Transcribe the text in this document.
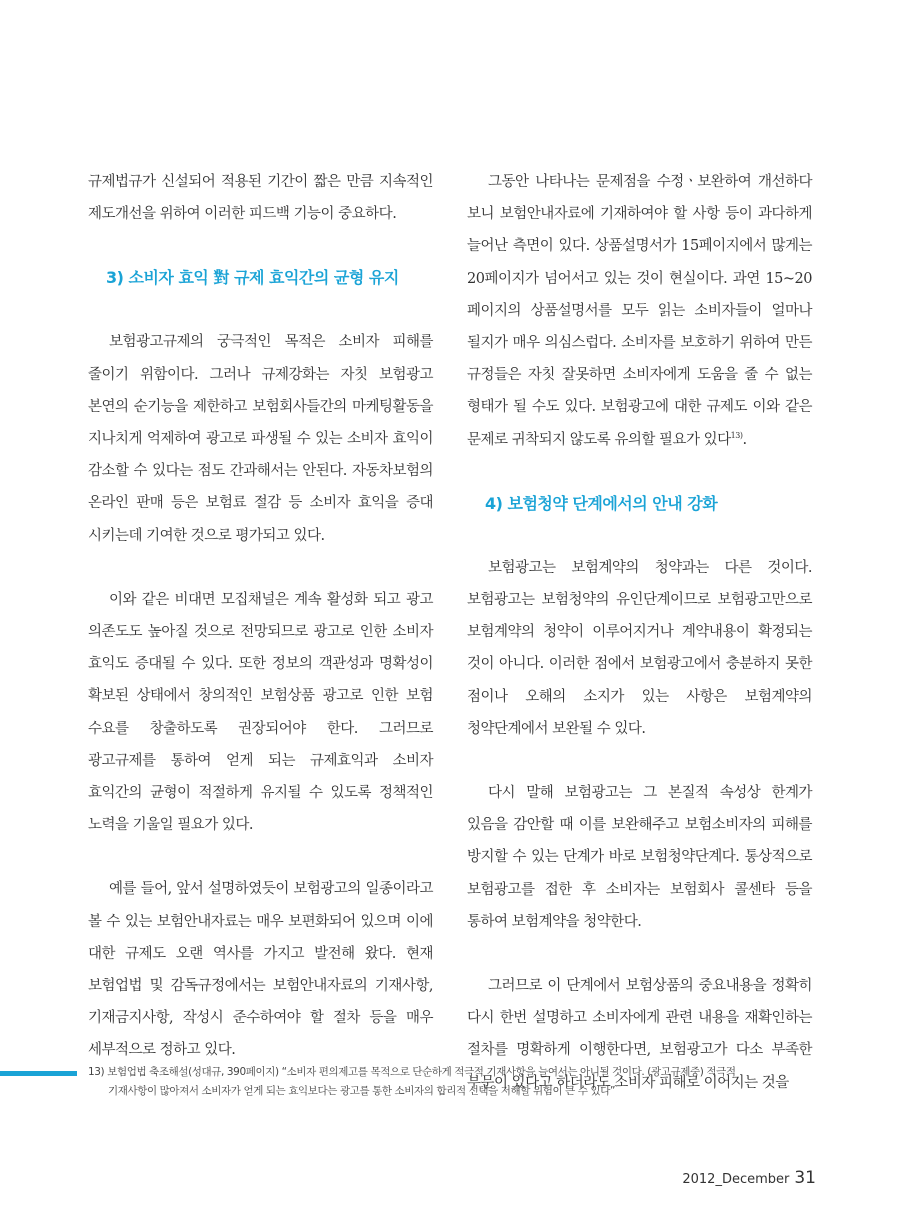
규제법규가 신설되어 적용된 기간이 짧은 만큼 지속적인 제도개선을 위하여 이러한 피드백 기능이 중요하다.

3) 소비자 효익 對 규제 효익간의 균형 유지

보험광고규제의 궁극적인 목적은 소비자 피해를 줄이기 위함이다. 그러나 규제강화는 자칫 보험광고 본연의 순기능을 제한하고 보험회사들간의 마케팅활동을 지나치게 억제하여 광고로 파생될 수 있는 소비자 효익이 감소할 수 있다는 점도 간과해서는 안된다. 자동차보험의 온라인 판매 등은 보험료 절감 등 소비자 효익을 증대 시키는데 기여한 것으로 평가되고 있다.

이와 같은 비대면 모집채널은 계속 활성화 되고 광고 의존도도 높아질 것으로 전망되므로 광고로 인한 소비자 효익도 증대될 수 있다. 또한 정보의 객관성과 명확성이 확보된 상태에서 창의적인 보험상품 광고로 인한 보험 수요를 창출하도록 권장되어야 한다. 그러므로 광고규제를 통하여 얻게 되는 규제효익과 소비자 효익간의 균형이 적절하게 유지될 수 있도록 정책적인 노력을 기울일 필요가 있다.

예를 들어, 앞서 설명하였듯이 보험광고의 일종이라고 볼 수 있는 보험안내자료는 매우 보편화되어 있으며 이에 대한 규제도 오랜 역사를 가지고 발전해 왔다. 현재 보험업법 및 감독규정에서는 보험안내자료의 기재사항, 기재금지사항, 작성시 준수하여야 할 절차 등을 매우 세부적으로 정하고 있다.

그동안 나타나는 문제점을 수정ㆍ보완하여 개선하다 보니 보험안내자료에 기재하여야 할 사항 등이 과다하게 늘어난 측면이 있다. 상품설명서가 15페이지에서 많게는 20페이지가 넘어서고 있는 것이 현실이다. 과연 15~20 페이지의 상품설명서를 모두 읽는 소비자들이 얼마나 될지가 매우 의심스럽다. 소비자를 보호하기 위하여 만든 규정들은 자칫 잘못하면 소비자에게 도움을 줄 수 없는 형태가 될 수도 있다. 보험광고에 대한 규제도 이와 같은 문제로 귀착되지 않도록 유의할 필요가 있다$^{13)}$.

4) 보험청약 단계에서의 안내 강화

보험광고는 보험계약의 청약과는 다른 것이다. 보험광고는 보험청약의 유인단계이므로 보험광고만으로 보험계약의 청약이 이루어지거나 계약내용이 확정되는 것이 아니다. 이러한 점에서 보험광고에서 충분하지 못한 점이나 오해의 소지가 있는 사항은 보험계약의 청약단계에서 보완될 수 있다.

다시 말해 보험광고는 그 본질적 속성상 한계가 있음을 감안할 때 이를 보완해주고 보험소비자의 피해를 방지할 수 있는 단계가 바로 보험청약단계다. 통상적으로 보험광고를 접한 후 소비자는 보험회사 콜센타 등을 통하여 보험계약을 청약한다.

그러므로 이 단계에서 보험상품의 중요내용을 정확히 다시 한번 설명하고 소비자에게 관련 내용을 재확인하는 절차를 명확하게 이행한다면, 보험광고가 다소 부족한 부문이 있다고 하더라도 소비자 피해로 이어지는 것을

13) 보험업법 축조해설(성대규, 390페이지) “소비자 편의제고를 목적으로 단순하게 적극적 기재사항을 늘여서는 아니될 것이다. (광고규제중) 적극적
기재사항이 많아져서 소비자가 얻게 되는 효익보다는 광고를 통한 소비자의 합리적 선택을 저해할 위험이 큰 수 있다”
2012_December 31
